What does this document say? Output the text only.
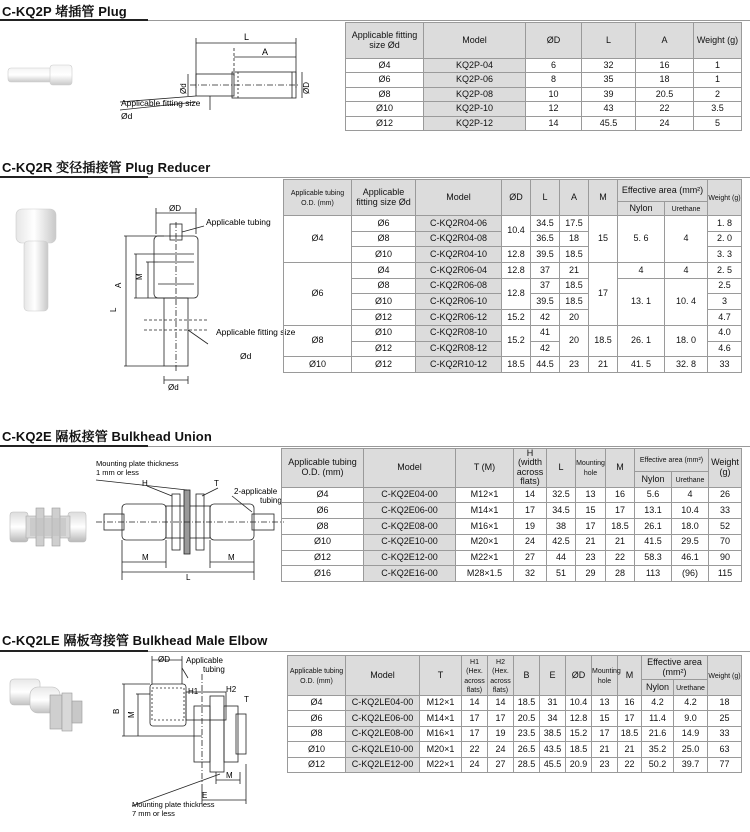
C-KQ2P 堵插管 Plug
L
A
ØD
Ød
Applicable fitting size
Ød
Applicable fitting size Ød	Model	ØD	L	A	Weight (g)
Ø4	KQ2P-04	6	32	16	1
Ø6	KQ2P-06	8	35	18	1
Ø8	KQ2P-08	10	39	20.5	2
Ø10	KQ2P-10	12	43	22	3.5
Ø12	KQ2P-12	14	45.5	24	5
C-KQ2R 变径插接管 Plug Reducer
ØD
Applicable tubing
A
M
L
Applicable fitting size
Ød
Ød
Applicable tubing O.D. (mm)	Applicable fitting size Ød	Model	ØD	L	A	M	Effective area (mm²)		Weight (g)
							Nylon	Urethane	
Ø4	Ø6	C-KQ2R04-06	10.4	34.5	17.5	15	5. 6	4	1. 8
	Ø8	C-KQ2R04-08		36.5	18				2. 0
	Ø10	C-KQ2R04-10	12.8	39.5	18.5				3. 3
Ø6	Ø4	C-KQ2R06-04	12.8	37	21	17	4	4	2. 5
	Ø8	C-KQ2R06-08	12.8	37	18.5		13. 1	10. 4	2.5
	Ø10	C-KQ2R06-10		39.5	18.5				3
	Ø12	C-KQ2R06-12	15.2	42	20				4.7
Ø8	Ø10	C-KQ2R08-10	15.2	41	20	18.5	26. 1	18. 0	4.0
	Ø12	C-KQ2R08-12		42					4.6
Ø10	Ø12	C-KQ2R10-12	18.5	44.5	23	21	41. 5	32. 8	33
C-KQ2E 隔板接管 Bulkhead Union
Mounting plate thickness
1 mm or less
H	T
2-applicable
tubing
M	M
L
Applicable tubing O.D. (mm)	Model	T (M)	H (width across flats)	L	Mounting hole	M	Effective area (mm²)		Weight (g)
							Nylon	Urethane	
Ø4	C-KQ2E04-00	M12×1	14	32.5	13	16	5.6	4	26
Ø6	C-KQ2E06-00	M14×1	17	34.5	15	17	13.1	10.4	33
Ø8	C-KQ2E08-00	M16×1	19	38	17	18.5	26.1	18.0	52
Ø10	C-KQ2E10-00	M20×1	24	42.5	21	21	41.5	29.5	70
Ø12	C-KQ2E12-00	M22×1	27	44	23	22	58.3	46.1	90
Ø16	C-KQ2E16-00	M28×1.5	32	51	29	28	113	(96)	115
C-KQ2LE 隔板弯接管 Bulkhead Male Elbow
ØD Applicable
tubing
H1	H2
T
B M
M
E
Mounting plate thickness
7 mm or less
Applicable tubing O.D. (mm)	Model	T	H1 (Hex. across flats)	H2 (Hex. across flats)	B	E	ØD	Mounting hole	M	Effective area (mm²)		Weight (g)
										Nylon	Urethane	
Ø4	C-KQ2LE04-00	M12×1	14	14	18.5	31	10.4	13	16	4.2	4.2	18
Ø6	C-KQ2LE06-00	M14×1	17	17	20.5	34	12.8	15	17	11.4	9.0	25
Ø8	C-KQ2LE08-00	M16×1	17	19	23.5	38.5	15.2	17	18.5	21.6	14.9	33
Ø10	C-KQ2LE10-00	M20×1	22	24	26.5	43.5	18.5	21	21	35.2	25.0	63
Ø12	C-KQ2LE12-00	M22×1	24	27	28.5	45.5	20.9	23	22	50.2	39.7	77
